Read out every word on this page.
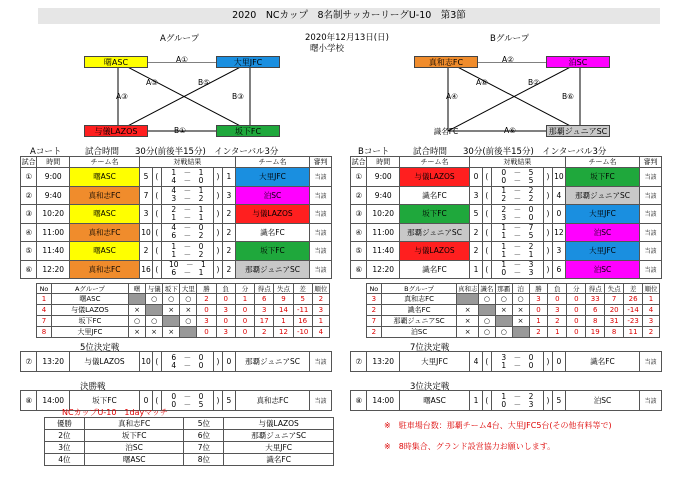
2020　NCカップ　8名制サッカーリーグU-10　第3節
Aグループ
曙ASC	大里JFC
与儀LAZOS	坂下FC
A①
A③	B③
B①
A⑤	B⑤
2020年12月13日(日)
曙小学校
Bグループ
真和志FC	泊SC
識名FC	那覇ジュニアSC
A②
A④	B⑥
A⑥
A⑥	B②
Aコート	試合時間 30分(前後半15分)　インターバル3分	Bコート	試合時間 30分(前後半15分)　インターバル3分
試合	時間	チーム名	対戦結果					チーム名	審判
①	9:00	曙ASC	5	(	1　－　1
4　－　0	)	1	大里JFC	当該
②	9:40	真和志FC	7	(	4　－　1
3　－　2	)	3	泊SC	当該
③	10:20	曙ASC	3	(	2　－　1
1　－　1	)	2	与儀LAZOS	当該
④	11:00	真和志FC	10	(	4　－　0
6　－　2	)	2	識名FC	当該
⑤	11:40	曙ASC	2	(	1　－　0
1　－　2	)	2	坂下FC	当該
⑥	12:20	真和志FC	16	(	10　－　1
6　－　1	)	2	那覇ジュニアSC	当該
試合	時間	チーム名	対戦結果					チーム名	審判
①	9:00	与儀LAZOS	0	(	0　－　5
0　－　5	)	10	坂下FC	当該
②	9:40	識名FC	3	(	1　－　2
2　－　2	)	4	那覇ジュニアSC	当該
③	10:20	坂下FC	5	(	2　－　0
3　－　0	)	0	大里JFC	当該
④	11:00	那覇ジュニアSC	2	(	1　－　7
1　－　5	)	12	泊SC	当該
⑤	11:40	与儀LAZOS	2	(	1　－　2
1　－　1	)	3	大里JFC	当該
⑥	12:20	識名FC	1	(	1　－　3
0　－　3	)	6	泊SC	当該
No	Aグループ	曙	与儀	坂下	大里	勝	負	分	得点	失点	差	順位
1	曙ASC		○	○	○	2	0	1	6	9	5	2
4	与儀LAZOS	×		×	×	0	3	0	3	14	-11	3
7	坂下FC	○	○		○	3	0	0	17	1	16	1
8	大里JFC	×	×	×		0	3	0	2	12	-10	4
No	Bグループ	真和志	識名	那覇	泊	勝	負	分	得点	失点	差	順位
3	真和志FC		○	○	○	3	0	0	33	7	26	1
2	識名FC	×		×	×	0	3	0	6	20	-14	4
7	那覇ジュニアSC	×	○		×	1	2	0	8	31	-23	3
2	泊SC	×	○	○		2	1	0	19	8	11	2
5位決定戦
⑦	13:20	与儀LAZOS	10	(	6　－　0
4　－　0	)	0	那覇ジュニアSC	当該
決勝戦
⑧	14:00	坂下FC	0	(	0　－　0
0　－　5	)	5	真和志FC	当該
7位決定戦
⑦	13:20	大里JFC	4	(	3　－　0
1　－　0	)	0	識名FC	当該
3位決定戦
⑧	14:00	曙ASC	1	(	1　－　2
0　－　3	)	5	泊SC	当該
NCカップU-10　1dayマッチ
優勝	真和志FC	5位	与儀LAZOS
2位	坂下FC	6位	那覇ジュニアSC
3位	泊SC	7位	大里JFC
4位	曙ASC	8位	識名FC
※　駐車場台数：那覇チーム4台、大里JFC5台(その他有料等で)
※　8時集合、グランド設営協力お願いします。
